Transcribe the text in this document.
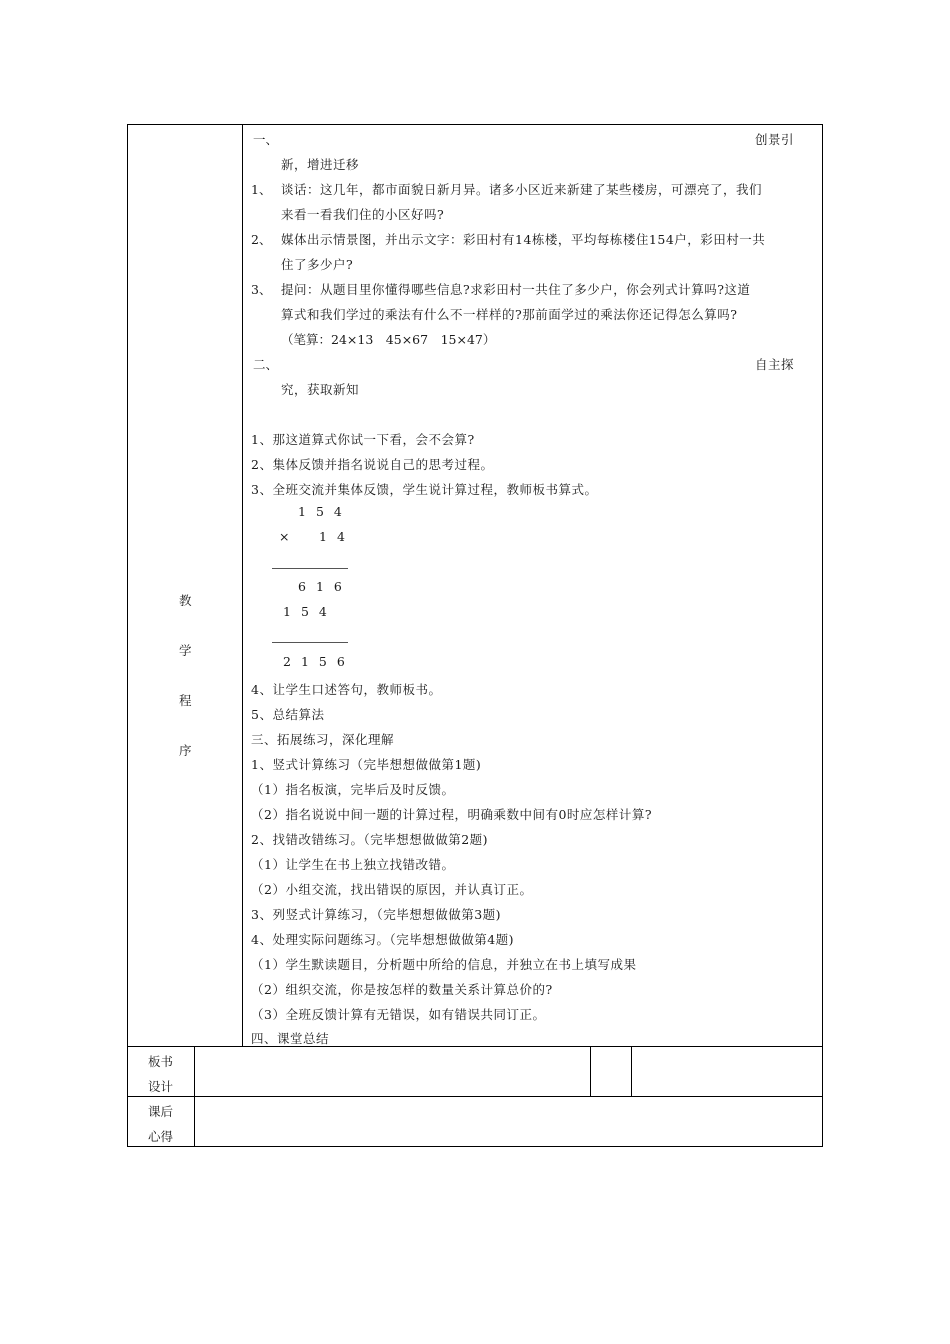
教
学
程
序
一、	创景引
新，增进迁移
1、 谈话：这几年，都市面貌日新月异。诸多小区近来新建了某些楼房，可漂亮了，我们
来看一看我们住的小区好吗?
2、 媒体出示情景图，并出示文字：彩田村有14栋楼，平均每栋楼住154户，彩田村一共
住了多少户?
3、 提问：从题目里你懂得哪些信息?求彩田村一共住了多少户，你会列式计算吗?这道
算式和我们学过的乘法有什么不一样样的?那前面学过的乘法你还记得怎么算吗?
（笔算：24×13　45×67　15×47）
二、	自主探
究，获取新知
1、那这道算式你试一下看，会不会算?
2、集体反馈并指名说说自己的思考过程。
3、全班交流并集体反馈，学生说计算过程，教师板书算式。
154
× 14
616
154
2156
4、让学生口述答句，教师板书。
5、总结算法
三、拓展练习，深化理解
1、竖式计算练习（完毕想想做做第1题)
（1）指名板演，完毕后及时反馈。
（2）指名说说中间一题的计算过程，明确乘数中间有0时应怎样计算?
2、找错改错练习。（完毕想想做做第2题)
（1）让学生在书上独立找错改错。
（2）小组交流，找出错误的原因，并认真订正。
3、列竖式计算练习，（完毕想想做做第3题)
4、处理实际问题练习。（完毕想想做做第4题)
（1）学生默读题目，分析题中所给的信息，并独立在书上填写成果
（2）组织交流，你是按怎样的数量关系计算总价的?
（3）全班反馈计算有无错误，如有错误共同订正。
四、课堂总结
板书
设计
课后
心得
